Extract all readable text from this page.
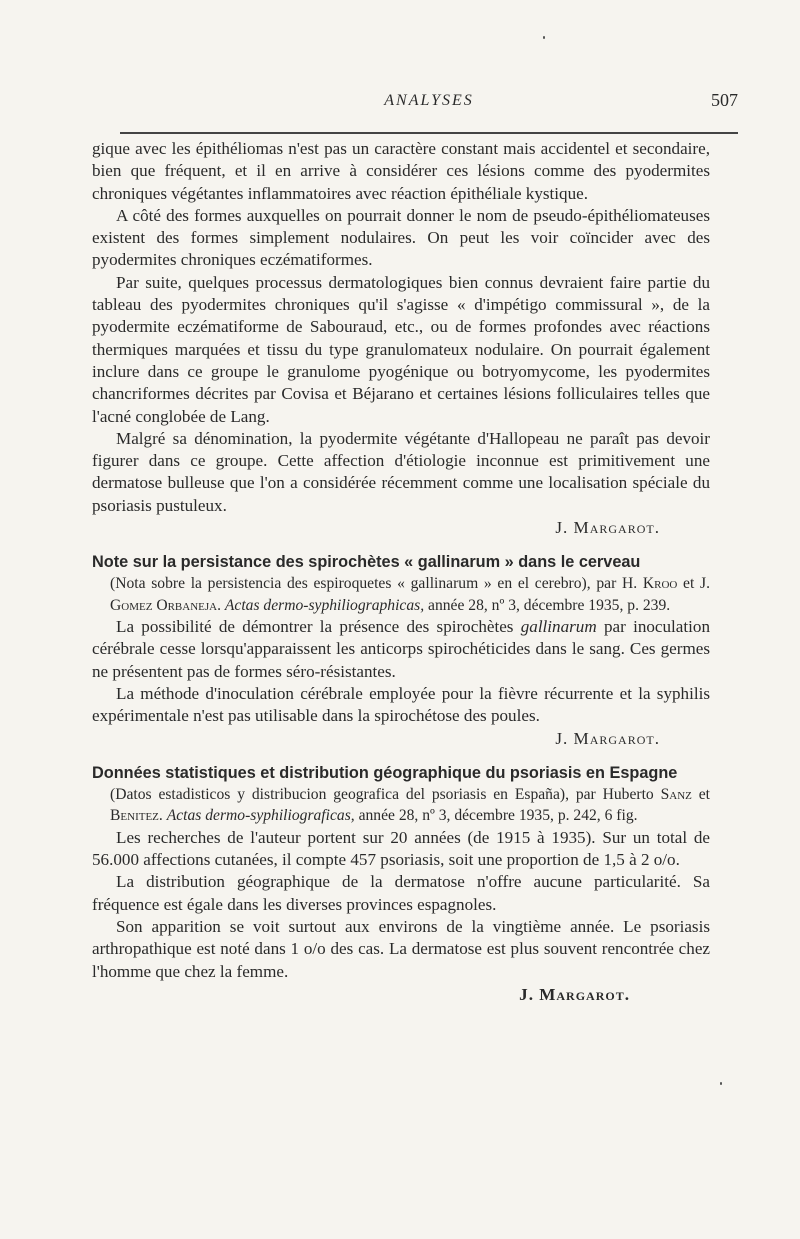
ANALYSES	507

gique avec les épithéliomas n'est pas un caractère constant mais accidentel et secondaire, bien que fréquent, et il en arrive à considérer ces lésions comme des pyodermites chroniques végétantes inflammatoires avec réaction épithéliale kystique.

A côté des formes auxquelles on pourrait donner le nom de pseudo-épithéliomateuses existent des formes simplement nodulaires. On peut les voir coïncider avec des pyodermites chroniques eczématiformes.

Par suite, quelques processus dermatologiques bien connus devraient faire partie du tableau des pyodermites chroniques qu'il s'agisse « d'impétigo commissural », de la pyodermite eczématiforme de Sabouraud, etc., ou de formes profondes avec réactions thermiques marquées et tissu du type granulomateux nodulaire. On pourrait également inclure dans ce groupe le granulome pyogénique ou botryomycome, les pyodermites chancriformes décrites par Covisa et Béjarano et certaines lésions folliculaires telles que l'acné conglobée de Lang.

Malgré sa dénomination, la pyodermite végétante d'Hallopeau ne paraît pas devoir figurer dans ce groupe. Cette affection d'étiologie inconnue est primitivement une dermatose bulleuse que l'on a considérée récemment comme une localisation spéciale du psoriasis pustuleux.

J. Margarot.
Note sur la persistance des spirochètes « gallinarum » dans le cerveau

(Nota sobre la persistencia des espiroquetes « gallinarum » en el cerebro), par H. Kroo et J. Gomez Orbaneja. Actas dermo-syphiliographicas, année 28, nº 3, décembre 1935, p. 239.

La possibilité de démontrer la présence des spirochètes gallinarum par inoculation cérébrale cesse lorsqu'apparaissent les anticorps spirochéticides dans le sang. Ces germes ne présentent pas de formes séro-résistantes.

La méthode d'inoculation cérébrale employée pour la fièvre récurrente et la syphilis expérimentale n'est pas utilisable dans la spirochétose des poules.

J. Margarot.
Données statistiques et distribution géographique du psoriasis en Espagne

(Datos estadisticos y distribucion geografica del psoriasis en España), par Huberto Sanz et Benitez. Actas dermo-syphiliograficas, année 28, nº 3, décembre 1935, p. 242, 6 fig.

Les recherches de l'auteur portent sur 20 années (de 1915 à 1935). Sur un total de 56.000 affections cutanées, il compte 457 psoriasis, soit une proportion de 1,5 à 2 o/o.

La distribution géographique de la dermatose n'offre aucune particularité. Sa fréquence est égale dans les diverses provinces espagnoles.

Son apparition se voit surtout aux environs de la vingtième année. Le psoriasis arthropathique est noté dans 1 o/o des cas. La dermatose est plus souvent rencontrée chez l'homme que chez la femme.

J. Margarot.
